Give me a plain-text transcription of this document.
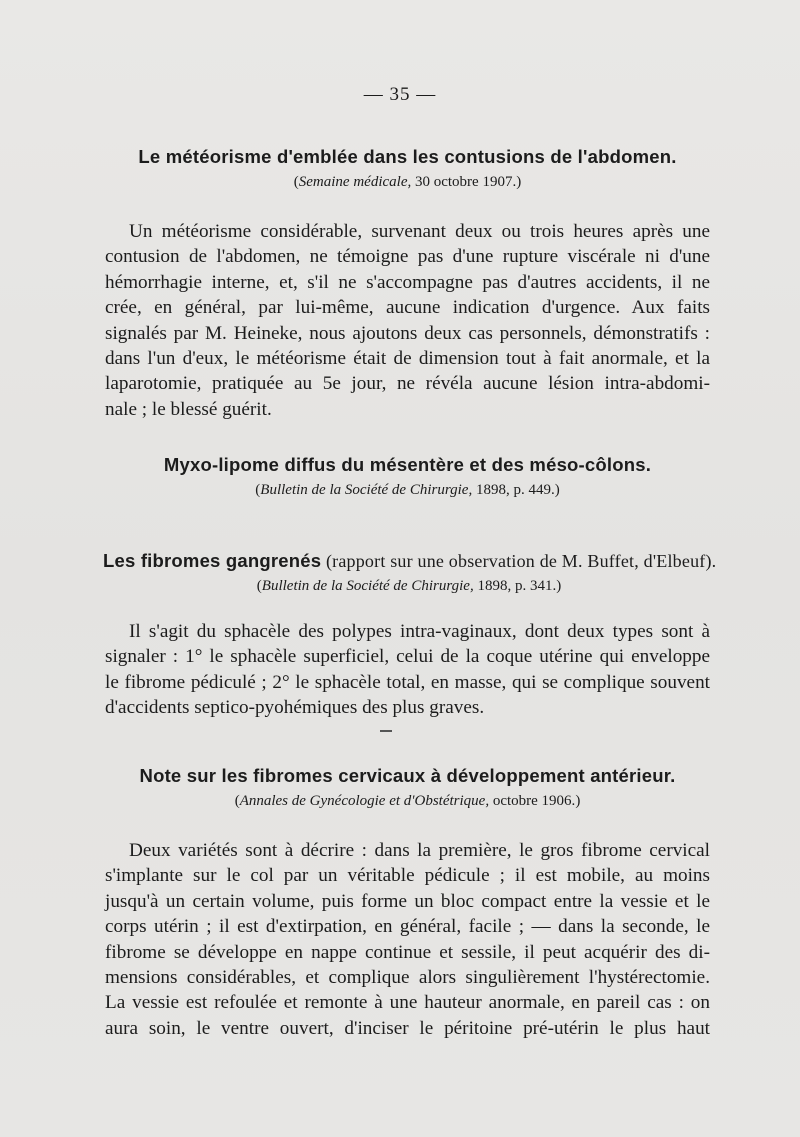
— 35 —
Le météorisme d'emblée dans les contusions de l'abdomen.
(Semaine médicale, 30 octobre 1907.)

Un météorisme considérable, survenant deux ou trois heures après une
contusion de l'abdomen, ne témoigne pas d'une rupture viscérale ni d'une
hémorrhagie interne, et, s'il ne s'accompagne pas d'autres accidents, il ne
crée, en général, par lui-même, aucune indication d'urgence. Aux faits
signalés par M. Heineke, nous ajoutons deux cas personnels, démonstratifs :
dans l'un d'eux, le météorisme était de dimension tout à fait anormale, et la
laparotomie, pratiquée au 5e jour, ne révéla aucune lésion intra-abdomi-
nale ; le blessé guérit.

Myxo-lipome diffus du mésentère et des méso-côlons.
(Bulletin de la Société de Chirurgie, 1898, p. 449.)
Les fibromes gangrenés (rapport sur une observation de M. Buffet, d'Elbeuf).
(Bulletin de la Société de Chirurgie, 1898, p. 341.)

Il s'agit du sphacèle des polypes intra-vaginaux, dont deux types sont à
signaler : 1° le sphacèle superficiel, celui de la coque utérine qui enveloppe
le fibrome pédiculé ; 2° le sphacèle total, en masse, qui se complique souvent
d'accidents septico-pyohémiques des plus graves.

Note sur les fibromes cervicaux à développement antérieur.
(Annales de Gynécologie et d'Obstétrique, octobre 1906.)

Deux variétés sont à décrire : dans la première, le gros fibrome cervical
s'implante sur le col par un véritable pédicule ; il est mobile, au moins
jusqu'à un certain volume, puis forme un bloc compact entre la vessie et le
corps utérin ; il est d'extirpation, en général, facile ; — dans la seconde, le
fibrome se développe en nappe continue et sessile, il peut acquérir des di-
mensions considérables, et complique alors singulièrement l'hystérectomie.
La vessie est refoulée et remonte à une hauteur anormale, en pareil cas : on
aura soin, le ventre ouvert, d'inciser le péritoine pré-utérin le plus haut
